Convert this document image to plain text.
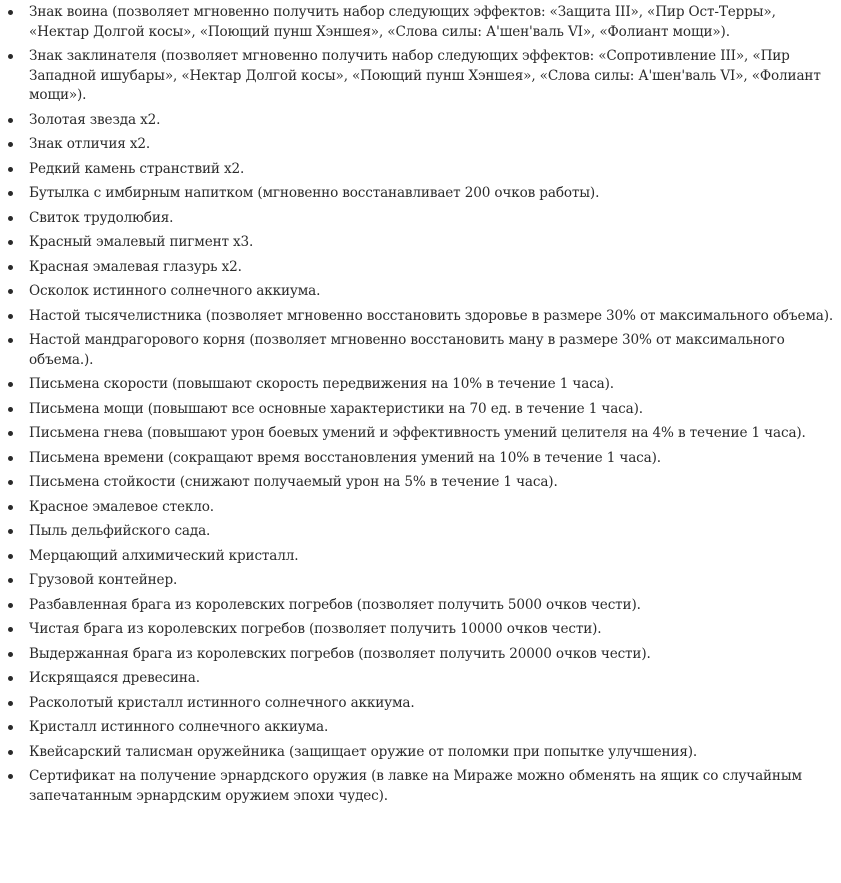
Знак воина (позволяет мгновенно получить набор следующих эффектов: «Защита III», «Пир Ост-Терры», «Нектар Долгой косы», «Поющий пунш Хэншея», «Слова силы: А'шен'валь VI», «Фолиант мощи»).
Знак заклинателя (позволяет мгновенно получить набор следующих эффектов: «Сопротивление III», «Пир Западной ишубары», «Нектар Долгой косы», «Поющий пунш Хэншея», «Слова силы: А'шен'валь VI», «Фолиант мощи»).
Золотая звезда x2.
Знак отличия x2.
Редкий камень странствий x2.
Бутылка с имбирным напитком (мгновенно восстанавливает 200 очков работы).
Свиток трудолюбия.
Красный эмалевый пигмент x3.
Красная эмалевая глазурь x2.
Осколок истинного солнечного аккиума.
Настой тысячелистника (позволяет мгновенно восстановить здоровье в размере 30% от максимального объема).
Настой мандрагорового корня (позволяет мгновенно восстановить ману в размере 30% от максимального объема.).
Письмена скорости (повышают скорость передвижения на 10% в течение 1 часа).
Письмена мощи (повышают все основные характеристики на 70 ед. в течение 1 часа).
Письмена гнева (повышают урон боевых умений и эффективность умений целителя на 4% в течение 1 часа).
Письмена времени (сокращают время восстановления умений на 10% в течение 1 часа).
Письмена стойкости (снижают получаемый урон на 5% в течение 1 часа).
Красное эмалевое стекло.
Пыль дельфийского сада.
Мерцающий алхимический кристалл.
Грузовой контейнер.
Разбавленная брага из королевских погребов (позволяет получить 5000 очков чести).
Чистая брага из королевских погребов (позволяет получить 10000 очков чести).
Выдержанная брага из королевских погребов (позволяет получить 20000 очков чести).
Искрящаяся древесина.
Расколотый кристалл истинного солнечного аккиума.
Кристалл истинного солнечного аккиума.
Квейсарский талисман оружейника (защищает оружие от поломки при попытке улучшения).
Сертификат на получение эрнардского оружия (в лавке на Мираже можно обменять на ящик со случайным запечатанным эрнардским оружием эпохи чудес).
